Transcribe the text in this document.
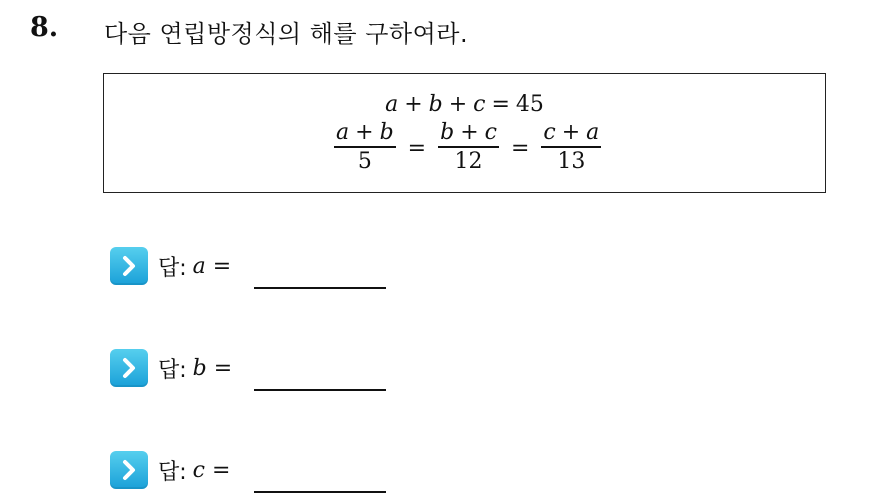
8. 다음 연립방정식의 해를 구하여라.
a + b + c = 45
$\frac{a + b}{5} = \frac{b + c}{12} = \frac{c + a}{13}$
답: a =
답: b =
답: c =
